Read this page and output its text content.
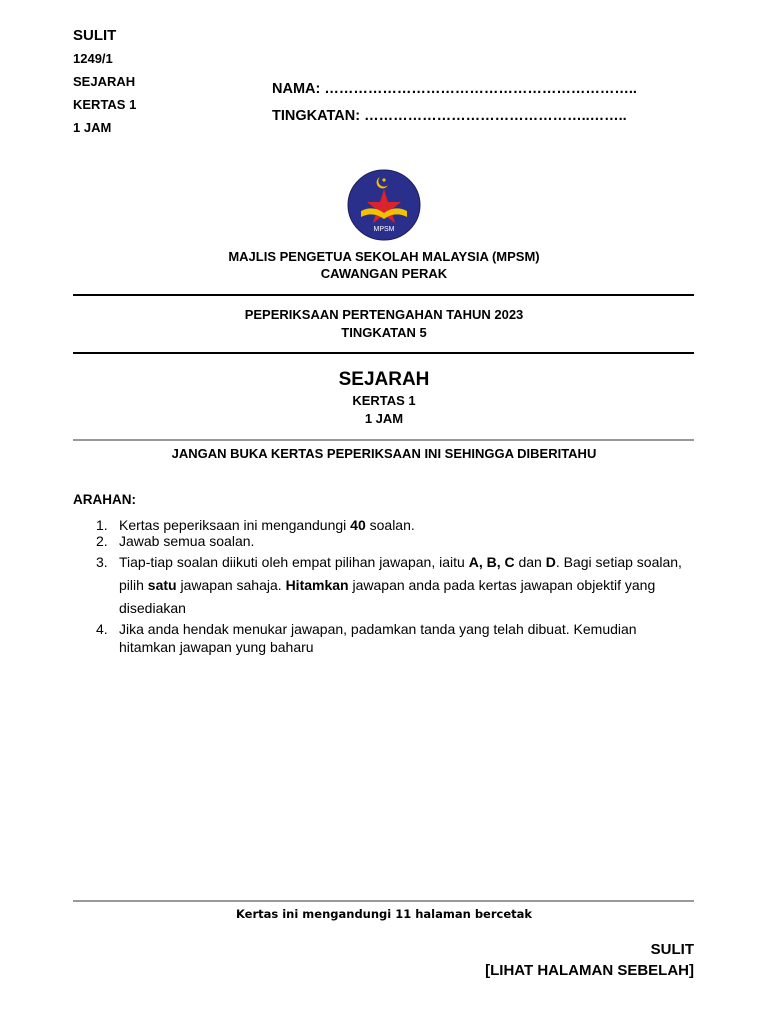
SULIT
1249/1
SEJARAH
KERTAS 1
1 JAM
NAMA: ………………………………………………………..
TINGKATAN: ………………………………………..……..
MPSM
MAJLIS PENGETUA SEKOLAH MALAYSIA (MPSM)
CAWANGAN PERAK
PEPERIKSAAN PERTENGAHAN TAHUN 2023
TINGKATAN 5
SEJARAH
KERTAS 1
1 JAM
JANGAN BUKA KERTAS PEPERIKSAAN INI SEHINGGA DIBERITAHU
ARAHAN:
1. Kertas peperiksaan ini mengandungi 40 soalan.
2. Jawab semua soalan.
3. Tiap-tiap soalan diikuti oleh empat pilihan jawapan, iaitu A, B, C dan D. Bagi setiap soalan, pilih satu jawapan sahaja. Hitamkan jawapan anda pada kertas jawapan objektif yang disediakan
4. Jika anda hendak menukar jawapan, padamkan tanda yang telah dibuat. Kemudian hitamkan jawapan yung baharu
Kertas ini mengandungi 11 halaman bercetak
SULIT
[LIHAT HALAMAN SEBELAH]
